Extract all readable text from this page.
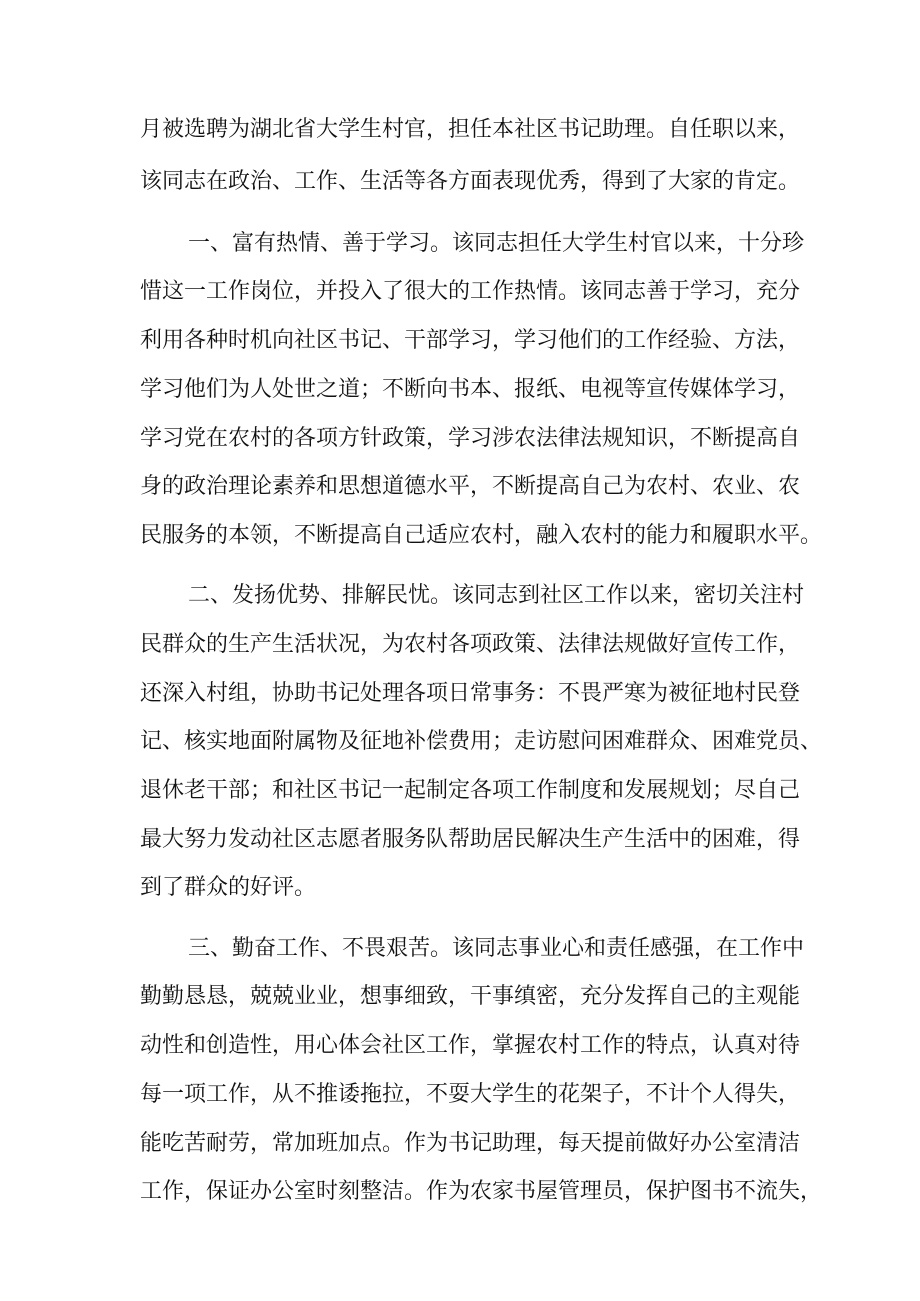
月被选聘为湖北省大学生村官，担任本社区书记助理。自任职以来，
该同志在政治、工作、生活等各方面表现优秀，得到了大家的肯定。
一、富有热情、善于学习。该同志担任大学生村官以来，十分珍
惜这一工作岗位，并投入了很大的工作热情。该同志善于学习，充分
利用各种时机向社区书记、干部学习，学习他们的工作经验、方法，
学习他们为人处世之道；不断向书本、报纸、电视等宣传媒体学习，
学习党在农村的各项方针政策，学习涉农法律法规知识，不断提高自
身的政治理论素养和思想道德水平，不断提高自己为农村、农业、农
民服务的本领，不断提高自己适应农村，融入农村的能力和履职水平。
二、发扬优势、排解民忧。该同志到社区工作以来，密切关注村
民群众的生产生活状况，为农村各项政策、法律法规做好宣传工作，
还深入村组，协助书记处理各项日常事务：不畏严寒为被征地村民登
记、核实地面附属物及征地补偿费用；走访慰问困难群众、困难党员、
退休老干部；和社区书记一起制定各项工作制度和发展规划；尽自己
最大努力发动社区志愿者服务队帮助居民解决生产生活中的困难，得
到了群众的好评。
三、勤奋工作、不畏艰苦。该同志事业心和责任感强，在工作中
勤勤恳恳，兢兢业业，想事细致，干事缜密，充分发挥自己的主观能
动性和创造性，用心体会社区工作，掌握农村工作的特点，认真对待
每一项工作，从不推诿拖拉，不耍大学生的花架子，不计个人得失，
能吃苦耐劳，常加班加点。作为书记助理，每天提前做好办公室清洁
工作，保证办公室时刻整洁。作为农家书屋管理员，保护图书不流失，
